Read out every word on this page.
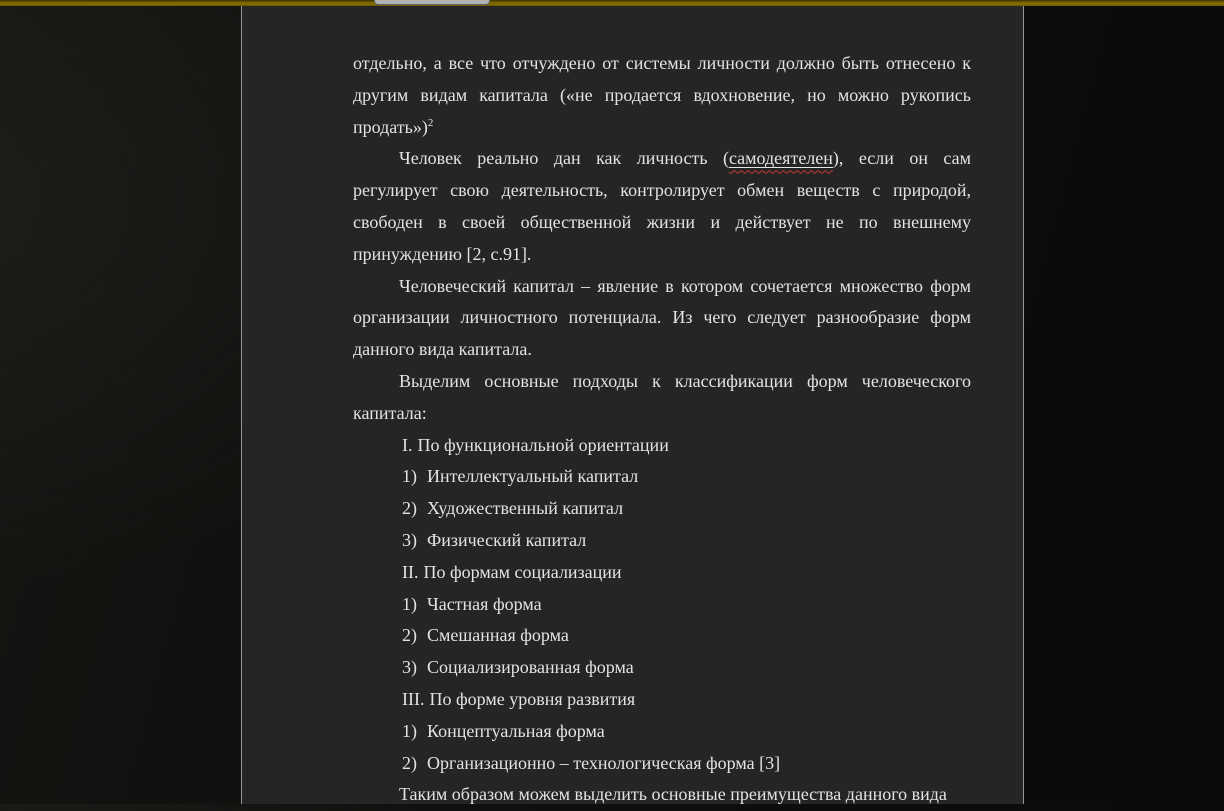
отдельно, а все что отчуждено от системы личности должно быть отнесено к другим видам капитала («не продается вдохновение, но можно рукопись продать»)$^2$

Человек реально дан как личность (самодеятелен), если он сам регулирует свою деятельность, контролирует обмен веществ с природой, свободен в своей общественной жизни и действует не по внешнему принуждению [2, с.91].

Человеческий капитал – явление в котором сочетается множество форм организации личностного потенциала. Из чего следует разнообразие форм данного вида капитала.

Выделим основные подходы к классификации форм человеческого капитала:

I. По функциональной ориентации

1) Интеллектуальный капитал

2) Художественный капитал

3) Физический капитал

II. По формам социализации

1) Частная форма

2) Смешанная форма

3) Социализированная форма

III. По форме уровня развития

1) Концептуальная форма

2) Организационно – технологическая форма [3]

Таким образом можем выделить основные преимущества данного вида
